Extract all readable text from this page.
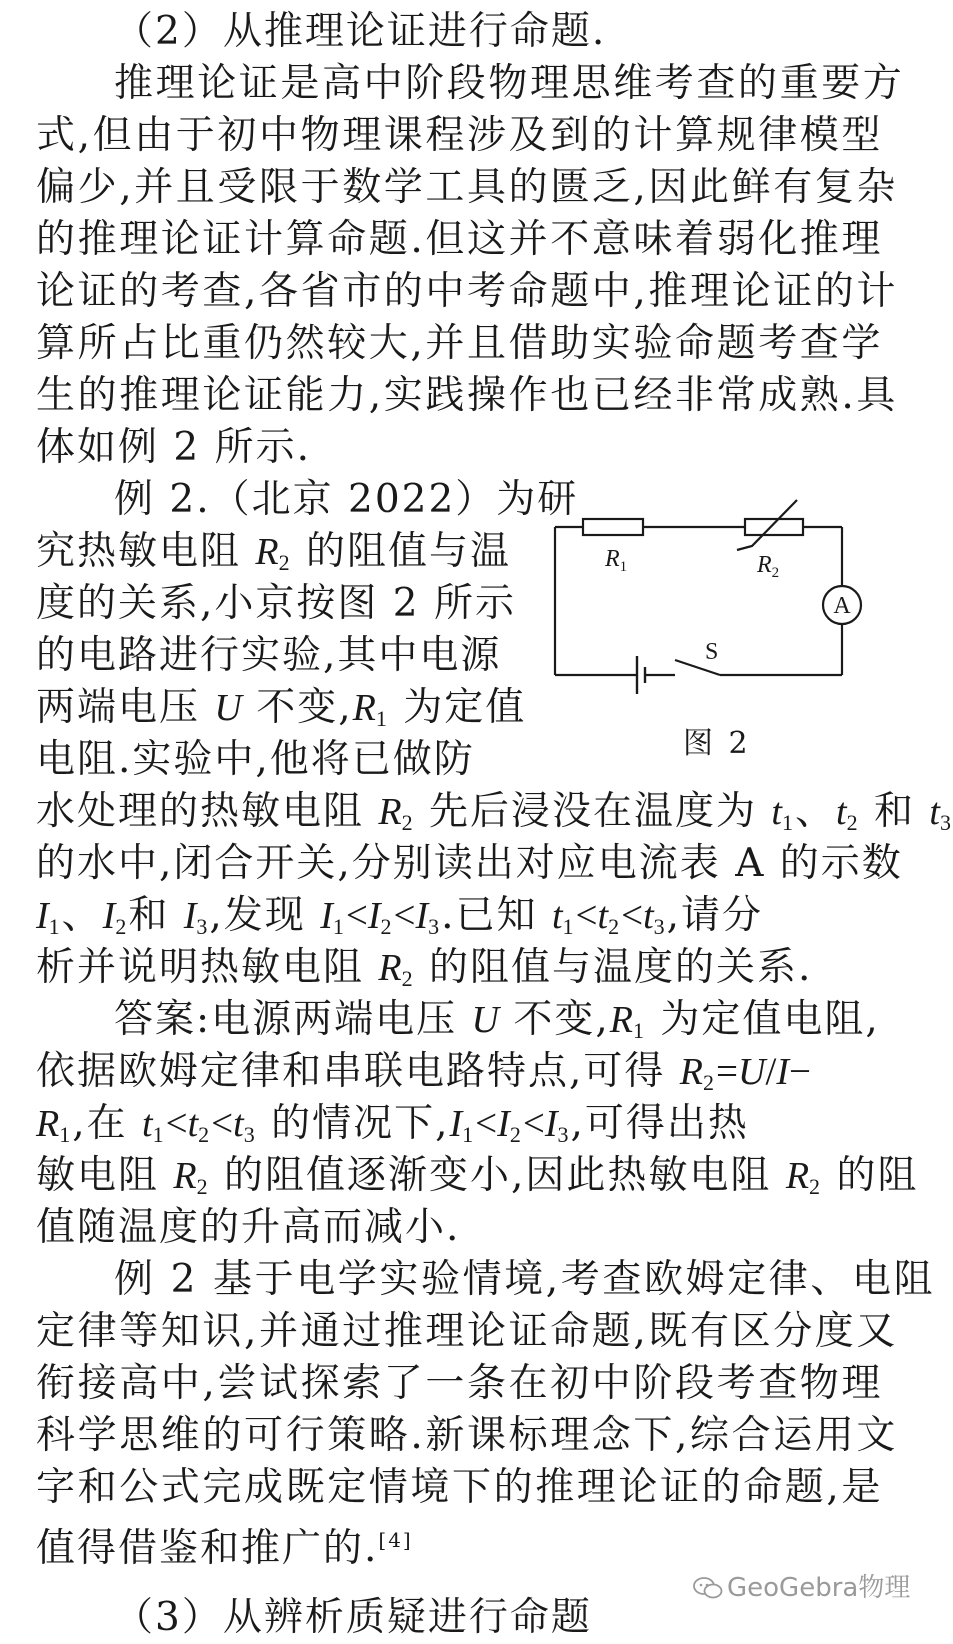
（2）从推理论证进行命题.
推理论证是高中阶段物理思维考查的重要方
式,但由于初中物理课程涉及到的计算规律模型
偏少,并且受限于数学工具的匮乏,因此鲜有复杂
的推理论证计算命题.但这并不意味着弱化推理
论证的考查,各省市的中考命题中,推理论证的计
算所占比重仍然较大,并且借助实验命题考查学
生的推理论证能力,实践操作也已经非常成熟.具
体如例 2 所示.
例 2.（北京 2022）为研
究热敏电阻 $R_2$ 的阻值与温
度的关系,小京按图 2 所示
的电路进行实验,其中电源
两端电压 U 不变$,R_1$ 为定值
电阻.实验中,他将已做防
水处理的热敏电阻 $R_2$ 先后浸没在温度为 $t_1$、$t_2$ 和 $t_3$
的水中,闭合开关,分别读出对应电流表 A 的示数
$I_1$、$I_2$和 $I_3$,发现 $I_1<I_2<I_3$.已知 $t_1<t_2<t_3$,请分
析并说明热敏电阻 $R_2$ 的阻值与温度的关系.
答案:电源两端电压 U 不变$,R_1$ 为定值电阻,
依据欧姆定律和串联电路特点,可得 $R_2=U/I-$
$R_1$,在 $t_1<t_2<t_3$ 的情况下$,I_1<I_2<I_3$,可得出热
敏电阻 $R_2$ 的阻值逐渐变小,因此热敏电阻 $R_2$ 的阻
值随温度的升高而减小.
例 2 基于电学实验情境,考查欧姆定律、电阻
定律等知识,并通过推理论证命题,既有区分度又
衔接高中,尝试探索了一条在初中阶段考查物理
科学思维的可行策略.新课标理念下,综合运用文
字和公式完成既定情境下的推理论证的命题,是
值得借鉴和推广的.[4]
（3）从辨析质疑进行命题
$R_1$	$R_2$
A
S
图 2
GeoGebra物理
